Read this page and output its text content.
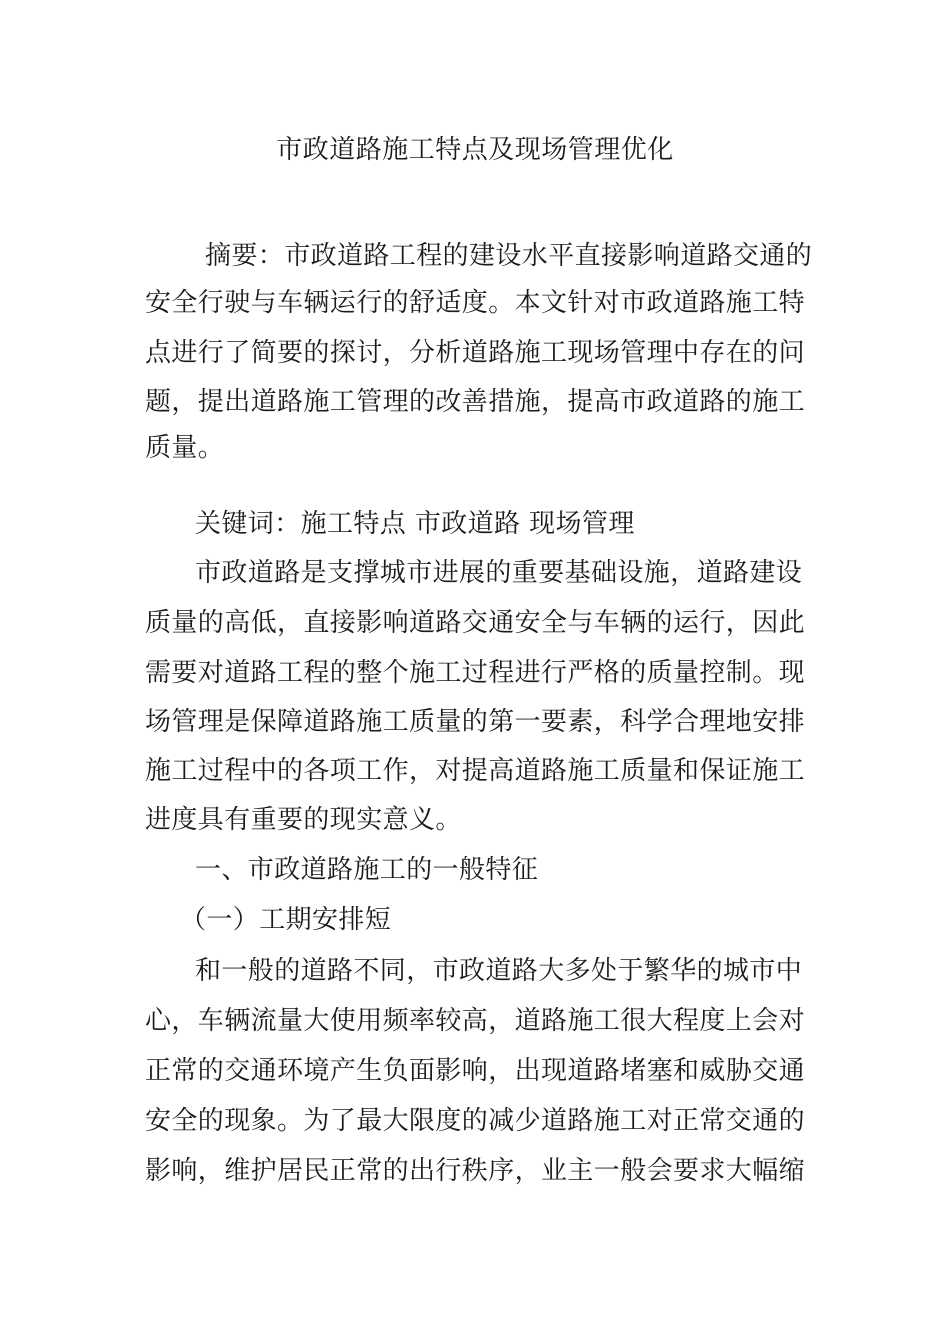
市政道路施工特点及现场管理优化
摘要：市政道路工程的建设水平直接影响道路交通的
安全行驶与车辆运行的舒适度。本文针对市政道路施工特
点进行了简要的探讨，分析道路施工现场管理中存在的问
题，提出道路施工管理的改善措施，提高市政道路的施工
质量。
关键词：施工特点 市政道路 现场管理
市政道路是支撑城市进展的重要基础设施，道路建设
质量的高低，直接影响道路交通安全与车辆的运行，因此
需要对道路工程的整个施工过程进行严格的质量控制。现
场管理是保障道路施工质量的第一要素，科学合理地安排
施工过程中的各项工作，对提高道路施工质量和保证施工
进度具有重要的现实意义。
一、市政道路施工的一般特征
（一）工期安排短
和一般的道路不同，市政道路大多处于繁华的城市中
心，车辆流量大使用频率较高，道路施工很大程度上会对
正常的交通环境产生负面影响，出现道路堵塞和威胁交通
安全的现象。为了最大限度的减少道路施工对正常交通的
影响，维护居民正常的出行秩序，业主一般会要求大幅缩
